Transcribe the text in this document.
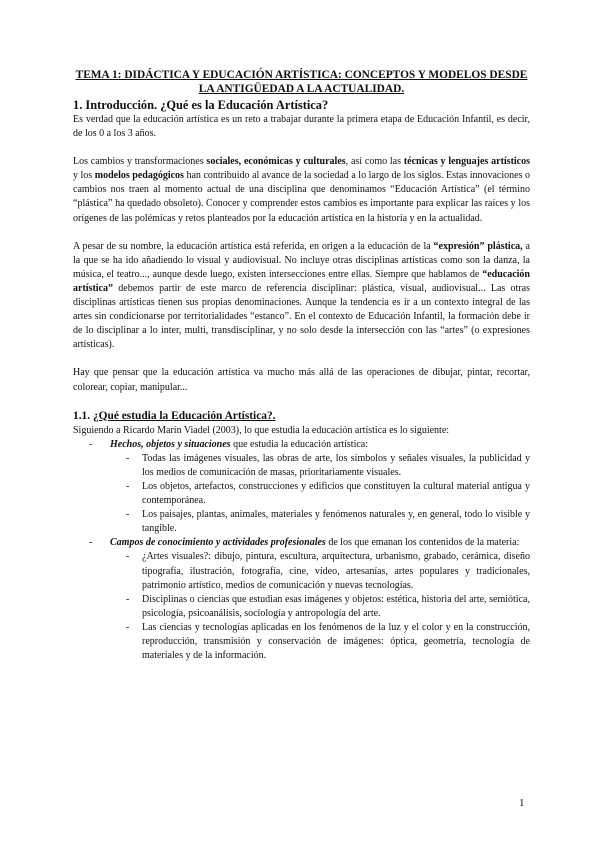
TEMA 1: DIDÁCTICA Y EDUCACIÓN ARTÍSTICA: CONCEPTOS Y MODELOS DESDE LA ANTIGÜEDAD A LA ACTUALIDAD.
1. Introducción. ¿Qué es la Educación Artística?

Es verdad que la educación artística es un reto a trabajar durante la primera etapa de Educación Infantil, es decir, de los 0 a los 3 años.

Los cambios y transformaciones sociales, económicas y culturales, así como las técnicas y lenguajes artísticos y los modelos pedagógicos han contribuido al avance de la sociedad a lo largo de los siglos. Estas innovaciones o cambios nos traen al momento actual de una disciplina que denominamos “Educación Artística” (el término “plástica” ha quedado obsoleto). Conocer y comprender estos cambios es importante para explicar las raíces y los orígenes de las polémicas y retos planteados por la educación artística en la historia y en la actualidad.

A pesar de su nombre, la educación artística está referida, en origen a la educación de la “expresión” plástica, a la que se ha ido añadiendo lo visual y audiovisual. No incluye otras disciplinas artísticas como son la danza, la música, el teatro..., aunque desde luego, existen intersecciones entre ellas. Siempre que hablamos de “educación artística” debemos partir de este marco de referencia disciplinar: plástica, visual, audiovisual... Las otras disciplinas artísticas tienen sus propias denominaciones. Aunque la tendencia es ir a un contexto integral de las artes sin condicionarse por territorialidades “estanco”. En el contexto de Educación Infantil, la formación debe ir de lo disciplinar a lo inter, multi, transdisciplinar, y no solo desde la intersección con las “artes” (o expresiones artísticas).

Hay que pensar que la educación artística va mucho más allá de las operaciones de dibujar, pintar, recortar, colorear, copiar, manipular...

1.1. ¿Qué estudia la Educación Artística?.

Siguiendo a Ricardo Marín Viadel (2003), lo que estudia la educación artística es lo siguiente:

- Hechos, objetos y situaciones que estudia la educación artística:
- Todas las imágenes visuales, las obras de arte, los símbolos y señales visuales, la publicidad y los medios de comunicación de masas, prioritariamente visuales.
- Los objetos, artefactos, construcciones y edificios que constituyen la cultural material antigua y contemporánea.
- Los paisajes, plantas, animales, materiales y fenómenos naturales y, en general, todo lo visible y tangible.
- Campos de conocimiento y actividades profesionales de los que emanan los contenidos de la materia:
- ¿Artes visuales?: dibujo, pintura, escultura, arquitectura, urbanismo, grabado, cerámica, diseño tipografía, ilustración, fotografía, cine, vídeo, artesanías, artes populares y tradicionales, patrimonio artístico, medios de comunicación y nuevas tecnologías.
- Disciplinas o ciencias que estudian esas imágenes y objetos: estética, historia del arte, semiótica, psicología, psicoanálisis, sociología y antropología del arte.
- Las ciencias y tecnologías aplicadas en los fenómenos de la luz y el color y en la construcción, reproducción, transmisión y conservación de imágenes: óptica, geometría, tecnología de materiales y de la información.
1
